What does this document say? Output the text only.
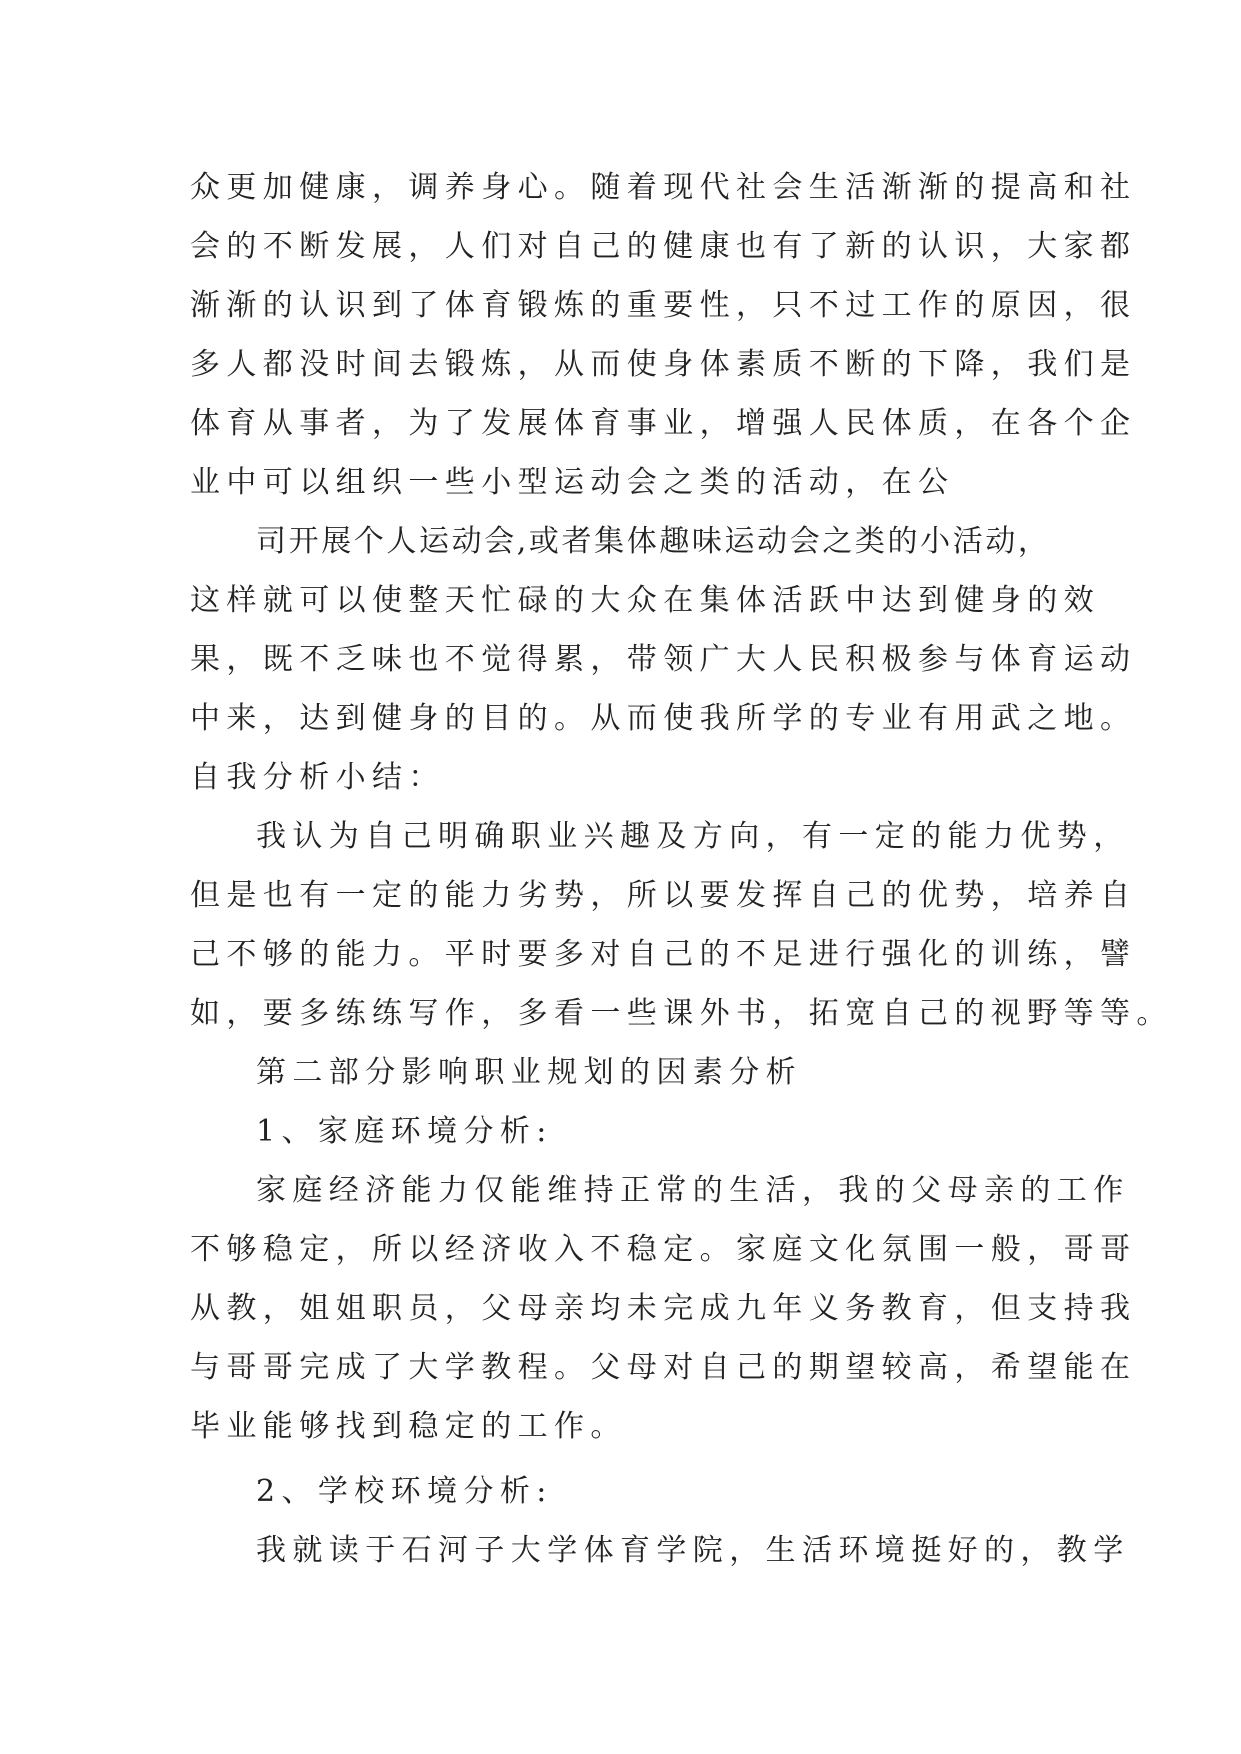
众更加健康，调养身心。随着现代社会生活渐渐的提高和社
会的不断发展，人们对自己的健康也有了新的认识，大家都
渐渐的认识到了体育锻炼的重要性，只不过工作的原因，很
多人都没时间去锻炼，从而使身体素质不断的下降，我们是
体育从事者，为了发展体育事业，增强人民体质，在各个企
业中可以组织一些小型运动会之类的活动，在公
司开展个人运动会,或者集体趣味运动会之类的小活动，
这样就可以使整天忙碌的大众在集体活跃中达到健身的效
果，既不乏味也不觉得累，带领广大人民积极参与体育运动
中来，达到健身的目的。从而使我所学的专业有用武之地。
自我分析小结：
我认为自己明确职业兴趣及方向，有一定的能力优势，
但是也有一定的能力劣势，所以要发挥自己的优势，培养自
己不够的能力。平时要多对自己的不足进行强化的训练，譬
如，要多练练写作，多看一些课外书，拓宽自己的视野等等。
第二部分影响职业规划的因素分析
1、家庭环境分析:
家庭经济能力仅能维持正常的生活，我的父母亲的工作
不够稳定，所以经济收入不稳定。家庭文化氛围一般，哥哥
从教，姐姐职员，父母亲均未完成九年义务教育，但支持我
与哥哥完成了大学教程。父母对自己的期望较高，希望能在
毕业能够找到稳定的工作。
2、学校环境分析:
我就读于石河子大学体育学院，生活环境挺好的，教学
